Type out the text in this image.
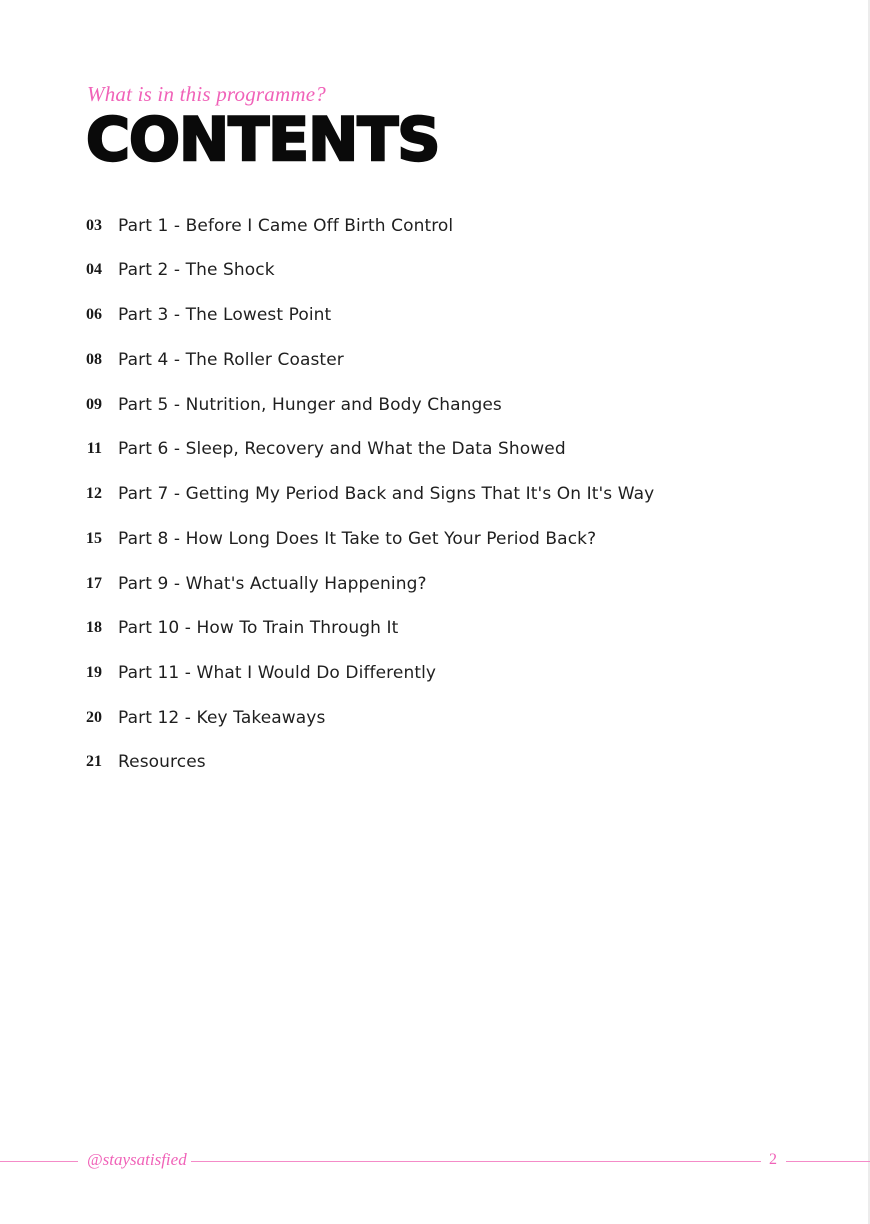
What is in this programme?
CONTENTS
03 Part 1 - Before I Came Off Birth Control
04 Part 2 - The Shock
06 Part 3 - The Lowest Point
08 Part 4 - The Roller Coaster
09 Part 5 - Nutrition, Hunger and Body Changes
11 Part 6 - Sleep, Recovery and What the Data Showed
12 Part 7 - Getting My Period Back and Signs That It's On It's Way
15 Part 8 - How Long Does It Take to Get Your Period Back?
17 Part 9 - What's Actually Happening?
18 Part 10 - How To Train Through It
19 Part 11 - What I Would Do Differently
20 Part 12 - Key Takeaways
21 Resources
@staysatisfied	2
